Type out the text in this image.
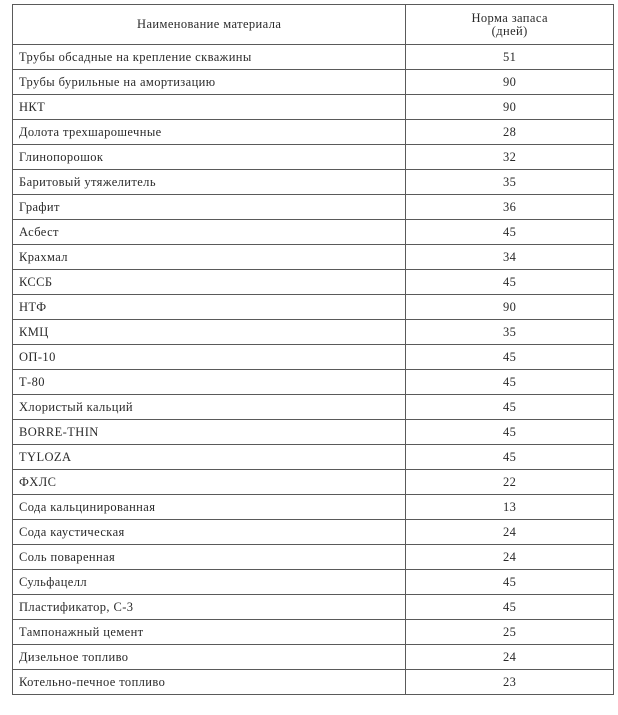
Наименование материала	Норма запаса
(дней)

Трубы обсадные на крепление скважины	51
Трубы бурильные на амортизацию	90
НКТ	90
Долота трехшарошечные	28
Глинопорошок	32
Баритовый утяжелитель	35
Графит	36
Асбест	45
Крахмал	34
КССБ	45
НТФ	90
КМЦ	35
ОП-10	45
Т-80	45
Хлористый кальций	45
BORRE-THIN	45
TYLOZA	45
ФХЛС	22
Сода кальцинированная	13
Сода каустическая	24
Соль поваренная	24
Сульфацелл	45
Пластификатор, С-3	45
Тампонажный цемент	25
Дизельное топливо	24
Котельно-печное топливо	23
